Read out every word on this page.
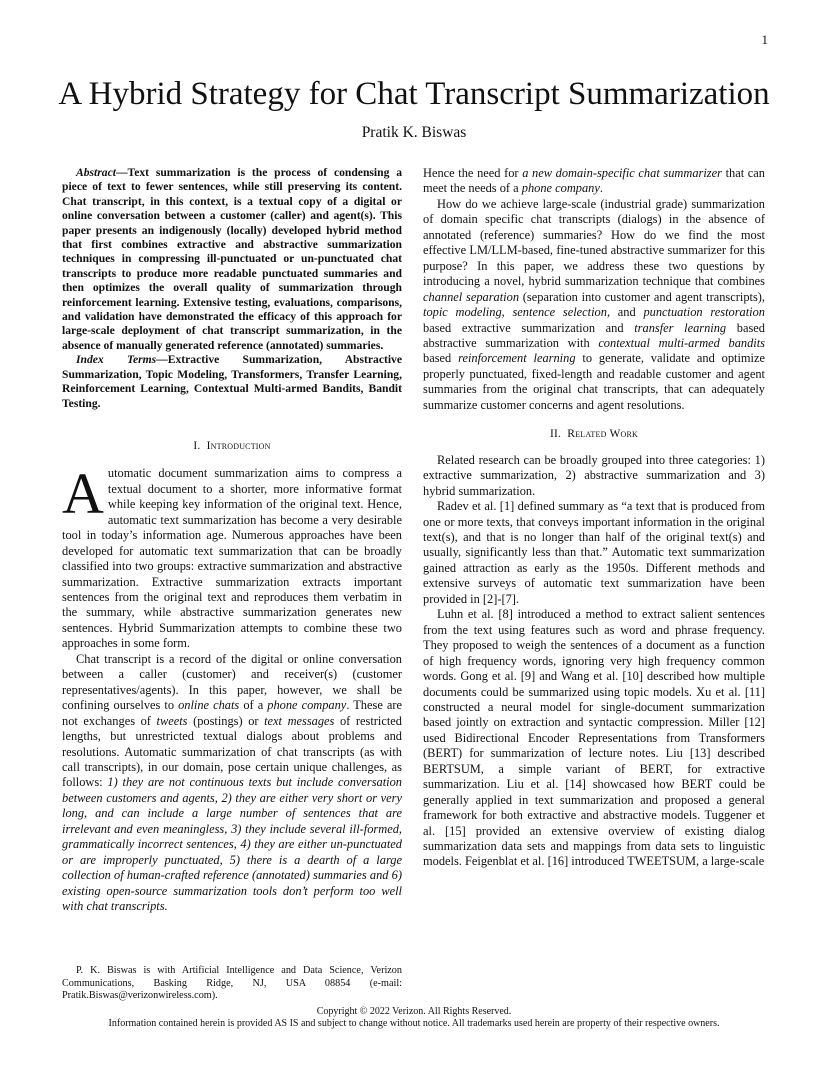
1
A Hybrid Strategy for Chat Transcript Summarization
Pratik K. Biswas

Abstract—Text summarization is the process of condensing a piece of text to fewer sentences, while still preserving its content. Chat transcript, in this context, is a textual copy of a digital or online conversation between a customer (caller) and agent(s). This paper presents an indigenously (locally) developed hybrid method that first combines extractive and abstractive summarization techniques in compressing ill-punctuated or un-punctuated chat transcripts to produce more readable punctuated summaries and then optimizes the overall quality of summarization through reinforcement learning. Extensive testing, evaluations, comparisons, and validation have demonstrated the efficacy of this approach for large-scale deployment of chat transcript summarization, in the absence of manually generated reference (annotated) summaries.

Index Terms—Extractive Summarization, Abstractive Summarization, Topic Modeling, Transformers, Transfer Learning, Reinforcement Learning, Contextual Multi-armed Bandits, Bandit Testing.

I. Introduction

Automatic document summarization aims to compress a textual document to a shorter, more informative format while keeping key information of the original text. Hence, automatic text summarization has become a very desirable tool in today’s information age. Numerous approaches have been developed for automatic text summarization that can be broadly classified into two groups: extractive summarization and abstractive summarization. Extractive summarization extracts important sentences from the original text and reproduces them verbatim in the summary, while abstractive summarization generates new sentences. Hybrid Summarization attempts to combine these two approaches in some form.

Chat transcript is a record of the digital or online conversation between a caller (customer) and receiver(s) (customer representatives/agents). In this paper, however, we shall be confining ourselves to online chats of a phone company. These are not exchanges of tweets (postings) or text messages of restricted lengths, but unrestricted textual dialogs about problems and resolutions. Automatic summarization of chat transcripts (as with call transcripts), in our domain, pose certain unique challenges, as follows: 1) they are not continuous texts but include conversation between customers and agents, 2) they are either very short or very long, and can include a large number of sentences that are irrelevant and even meaningless, 3) they include several ill-formed, grammatically incorrect sentences, 4) they are either un-punctuated or are improperly punctuated, 5) there is a dearth of a large collection of human-crafted reference (annotated) summaries and 6) existing open-source summarization tools don’t perform too well with chat transcripts.

Hence the need for a new domain-specific chat summarizer that can meet the needs of a phone company.

How do we achieve large-scale (industrial grade) summarization of domain specific chat transcripts (dialogs) in the absence of annotated (reference) summaries? How do we find the most effective LM/LLM-based, fine-tuned abstractive summarizer for this purpose? In this paper, we address these two questions by introducing a novel, hybrid summarization technique that combines channel separation (separation into customer and agent transcripts), topic modeling, sentence selection, and punctuation restoration based extractive summarization and transfer learning based abstractive summarization with contextual multi-armed bandits based reinforcement learning to generate, validate and optimize properly punctuated, fixed-length and readable customer and agent summaries from the original chat transcripts, that can adequately summarize customer concerns and agent resolutions.

II. Related Work

Related research can be broadly grouped into three categories: 1) extractive summarization, 2) abstractive summarization and 3) hybrid summarization.

Radev et al. [1] defined summary as “a text that is produced from one or more texts, that conveys important information in the original text(s), and that is no longer than half of the original text(s) and usually, significantly less than that.” Automatic text summarization gained attraction as early as the 1950s. Different methods and extensive surveys of automatic text summarization have been provided in [2]-[7].

Luhn et al. [8] introduced a method to extract salient sentences from the text using features such as word and phrase frequency. They proposed to weigh the sentences of a document as a function of high frequency words, ignoring very high frequency common words. Gong et al. [9] and Wang et al. [10] described how multiple documents could be summarized using topic models. Xu et al. [11] constructed a neural model for single-document summarization based jointly on extraction and syntactic compression. Miller [12] used Bidirectional Encoder Representations from Transformers (BERT) for summarization of lecture notes. Liu [13] described BERTSUM, a simple variant of BERT, for extractive summarization. Liu et al. [14] showcased how BERT could be generally applied in text summarization and proposed a general framework for both extractive and abstractive models. Tuggener et al. [15] provided an extensive overview of existing dialog summarization data sets and mappings from data sets to linguistic models. Feigenblat et al. [16] introduced TWEETSUM, a large-scale

P. K. Biswas is with Artificial Intelligence and Data Science, Verizon Communications, Basking Ridge, NJ, USA 08854 (e-mail: Pratik.Biswas@verizonwireless.com).
Copyright © 2022 Verizon. All Rights Reserved.
Information contained herein is provided AS IS and subject to change without notice. All trademarks used herein are property of their respective owners.
